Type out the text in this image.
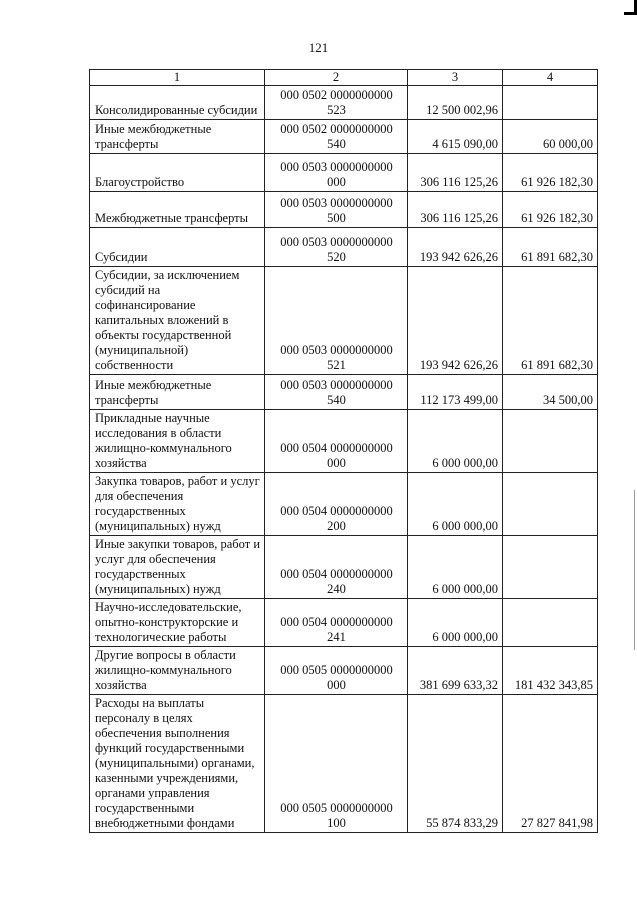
121
1	2	3	4
Консолидированные субсидии	000 0502 0000000000 523	12 500 002,96	
Иные межбюджетные трансферты	000 0502 0000000000 540	4 615 090,00	60 000,00
Благоустройство	000 0503 0000000000 000	306 116 125,26	61 926 182,30
Межбюджетные трансферты	000 0503 0000000000 500	306 116 125,26	61 926 182,30
Субсидии	000 0503 0000000000 520	193 942 626,26	61 891 682,30
Субсидии, за исключением субсидий на софинансирование капитальных вложений в объекты государственной (муниципальной) собственности	000 0503 0000000000 521	193 942 626,26	61 891 682,30
Иные межбюджетные трансферты	000 0503 0000000000 540	112 173 499,00	34 500,00
Прикладные научные исследования в области жилищно-коммунального хозяйства	000 0504 0000000000 000	6 000 000,00	
Закупка товаров, работ и услуг для обеспечения государственных (муниципальных) нужд	000 0504 0000000000 200	6 000 000,00	
Иные закупки товаров, работ и услуг для обеспечения государственных (муниципальных) нужд	000 0504 0000000000 240	6 000 000,00	
Научно-исследовательские, опытно-конструкторские и технологические работы	000 0504 0000000000 241	6 000 000,00	
Другие вопросы в области жилищно-коммунального хозяйства	000 0505 0000000000 000	381 699 633,32	181 432 343,85
Расходы на выплаты персоналу в целях обеспечения выполнения функций государственными (муниципальными) органами, казенными учреждениями, органами управления государственными внебюджетными фондами	000 0505 0000000000 100	55 874 833,29	27 827 841,98
